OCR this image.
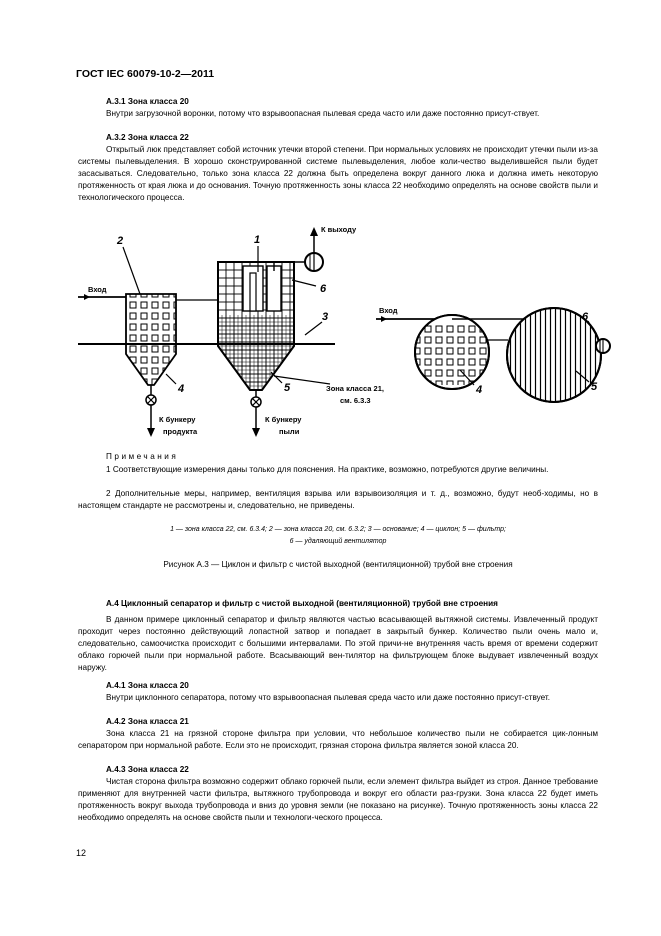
ГОСТ IEC 60079-10-2—2011

А.3.1 Зона класса 20

Внутри загрузочной воронки, потому что взрывоопасная пылевая среда часто или даже постоянно присут-ствует.

А.3.2 Зона класса 22

Открытый люк представляет собой источник утечки второй степени. При нормальных условиях не происходит утечки пыли из-за системы пылевыделения. В хорошо сконструированной системе пылевыделения, любое коли-чество выделившейся пыли будет засасываться. Следовательно, только зона класса 22 должна быть определена вокруг данного люка и должна иметь некоторую протяженность от края люка и до основания. Точную протяженность зоны класса 22 необходимо определять на основе свойств пыли и технологического процесса.

2	1
6
3
4	5	4	5
6
К выходу
Вход
Вход
Зона класса 21,
см. 6.3.3
К бункеру
продукта
К бункеру
пыли

Примечания

1 Соответствующие измерения даны только для пояснения. На практике, возможно, потребуются другие величины.

2 Дополнительные меры, например, вентиляция взрыва или взрывоизоляция и т. д., возможно, будут необ-ходимы, но в настоящем стандарте не рассмотрены и, следовательно, не приведены.

1 — зона класса 22, см. 6.3.4; 2 — зона класса 20, см. 6.3.2; 3 — основание; 4 — циклон; 5 — фильтр;

6 — удаляющий вентилятор

Рисунок А.3 — Циклон и фильтр с чистой выходной (вентиляционной) трубой вне строения

А.4 Циклонный сепаратор и фильтр с чистой выходной (вентиляционной) трубой вне строения

В данном примере циклонный сепаратор и фильтр являются частью всасывающей вытяжной системы. Извлеченный продукт проходит через постоянно действующий лопастной затвор и попадает в закрытый бункер. Количество пыли очень мало и, следовательно, самоочистка происходит с большими интервалами. По этой причи-не внутренняя часть время от времени содержит облако горючей пыли при нормальной работе. Всасывающий вен-тилятор на фильтрующем блоке выдувает извлеченный воздух наружу.

А.4.1 Зона класса 20

Внутри циклонного сепаратора, потому что взрывоопасная пылевая среда часто или даже постоянно присут-ствует.

А.4.2 Зона класса 21

Зона класса 21 на грязной стороне фильтра при условии, что небольшое количество пыли не собирается цик-лонным сепаратором при нормальной работе. Если это не происходит, грязная сторона фильтра является зоной класса 20.

А.4.3 Зона класса 22

Чистая сторона фильтра возможно содержит облако горючей пыли, если элемент фильтра выйдет из строя. Данное требование применяют для внутренней части фильтра, вытяжного трубопровода и вокруг его области раз-грузки. Зона класса 22 будет иметь протяженность вокруг выхода трубопровода и вниз до уровня земли (не показано на рисунке). Точную протяженность зоны класса 22 необходимо определять на основе свойств пыли и технологи-ческого процесса.

12
